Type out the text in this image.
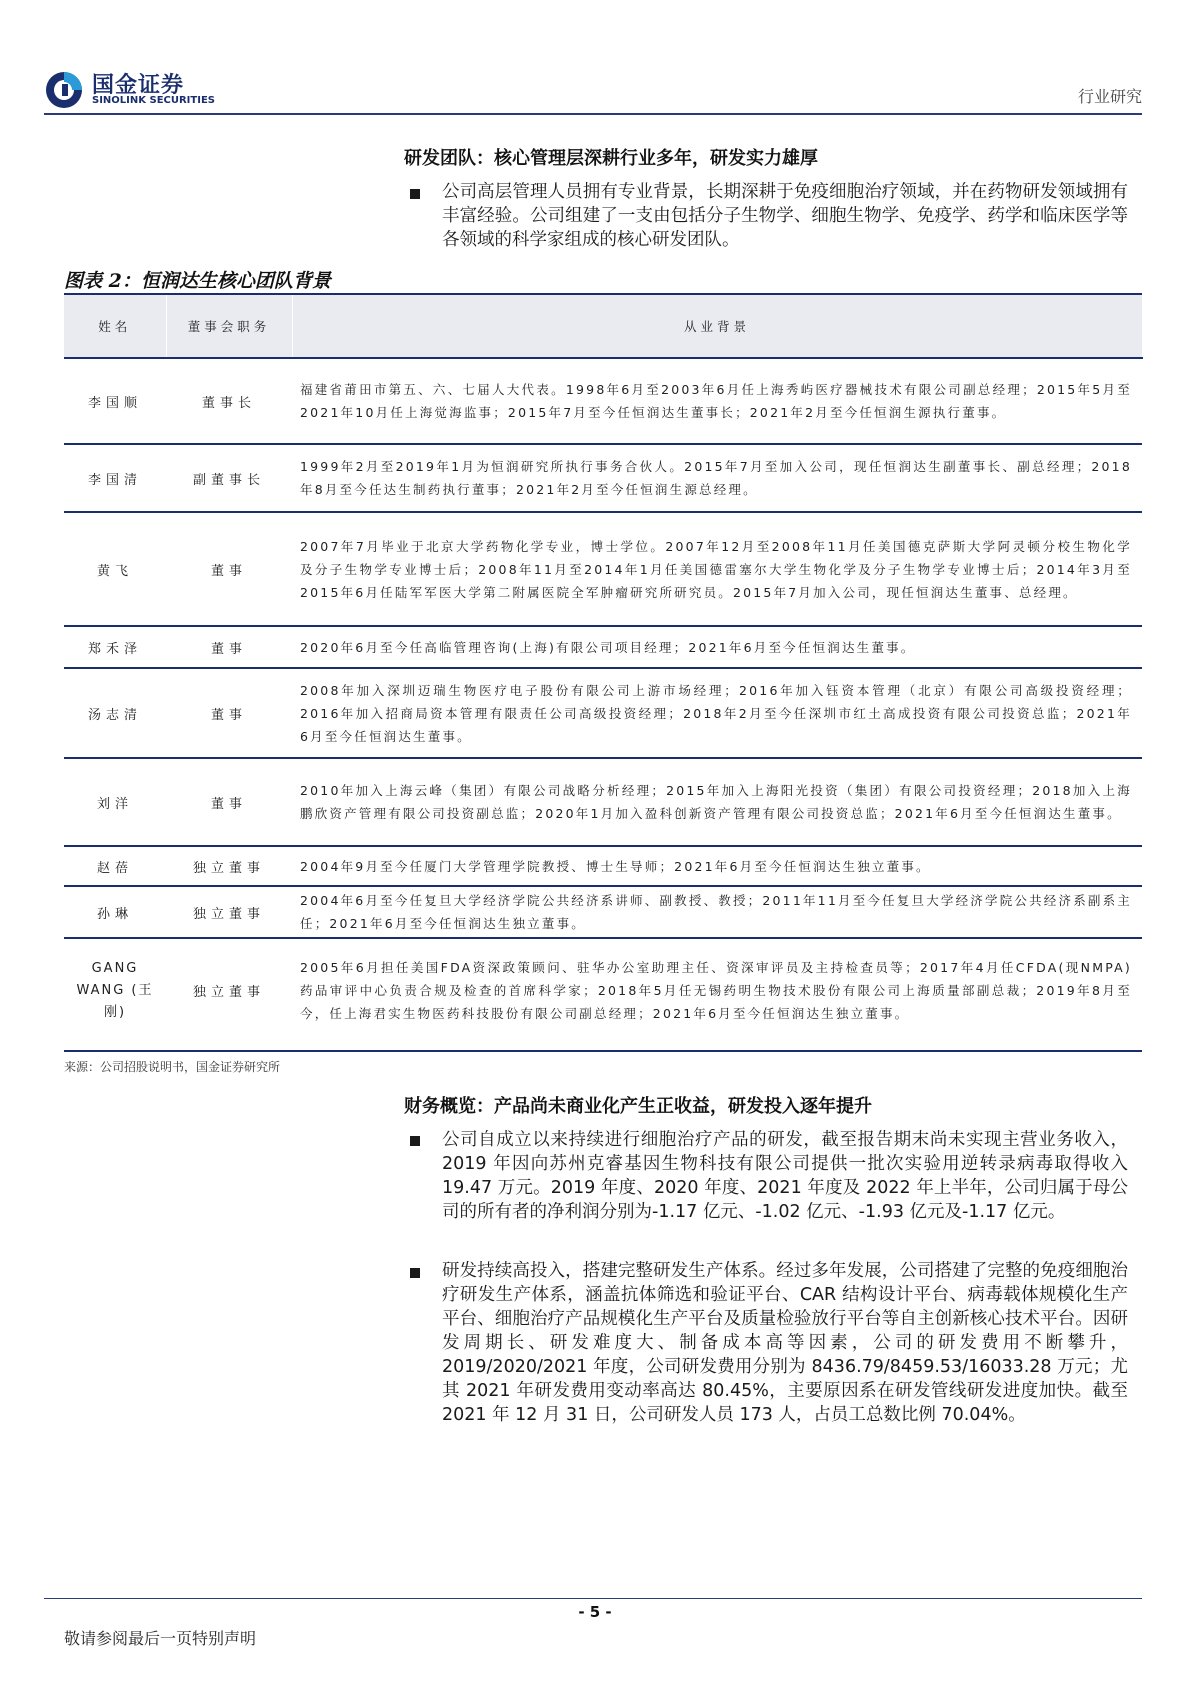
国金证券
SINOLINK SECURITIES	行业研究
研发团队：核心管理层深耕行业多年，研发实力雄厚
公司高层管理人员拥有专业背景，长期深耕于免疫细胞治疗领域，并在药物研发领域拥有丰富经验。公司组建了一支由包括分子生物学、细胞生物学、免疫学、药学和临床医学等各领域的科学家组成的核心研发团队。
图表 2：恒润达生核心团队背景
姓名	董事会职务	从业背景
李国顺	董事长	福建省莆田市第五、六、七届人大代表。1998年6月至2003年6月任上海秀屿医疗器械技术有限公司副总经理；2015年5月至2021年10月任上海觉海监事；2015年7月至今任恒润达生董事长；2021年2月至今任恒润生源执行董事。
李国清	副董事长	1999年2月至2019年1月为恒润研究所执行事务合伙人。2015年7月至加入公司，现任恒润达生副董事长、副总经理；2018年8月至今任达生制药执行董事；2021年2月至今任恒润生源总经理。
黄飞	董事	2007年7月毕业于北京大学药物化学专业，博士学位。2007年12月至2008年11月任美国德克萨斯大学阿灵顿分校生物化学及分子生物学专业博士后；2008年11月至2014年1月任美国德雷塞尔大学生物化学及分子生物学专业博士后；2014年3月至2015年6月任陆军军医大学第二附属医院全军肿瘤研究所研究员。2015年7月加入公司，现任恒润达生董事、总经理。
郑禾泽	董事	2020年6月至今任高临管理咨询(上海)有限公司项目经理；2021年6月至今任恒润达生董事。
汤志清	董事	2008年加入深圳迈瑞生物医疗电子股份有限公司上游市场经理；2016年加入钰资本管理（北京）有限公司高级投资经理；2016年加入招商局资本管理有限责任公司高级投资经理；2018年2月至今任深圳市红土高成投资有限公司投资总监；2021年6月至今任恒润达生董事。
刘洋	董事	2010年加入上海云峰（集团）有限公司战略分析经理；2015年加入上海阳光投资（集团）有限公司投资经理；2018加入上海鹏欣资产管理有限公司投资副总监；2020年1月加入盈科创新资产管理有限公司投资总监；2021年6月至今任恒润达生董事。
赵蓓	独立董事	2004年9月至今任厦门大学管理学院教授、博士生导师；2021年6月至今任恒润达生独立董事。
孙琳	独立董事	2004年6月至今任复旦大学经济学院公共经济系讲师、副教授、教授；2011年11月至今任复旦大学经济学院公共经济系副系主任；2021年6月至今任恒润达生独立董事。
GANG WANG (王刚)	独立董事	2005年6月担任美国FDA资深政策顾问、驻华办公室助理主任、资深审评员及主持检查员等；2017年4月任CFDA(现NMPA)药品审评中心负责合规及检查的首席科学家；2018年5月任无锡药明生物技术股份有限公司上海质量部副总裁；2019年8月至今，任上海君实生物医药科技股份有限公司副总经理；2021年6月至今任恒润达生独立董事。
来源：公司招股说明书，国金证券研究所
财务概览：产品尚未商业化产生正收益，研发投入逐年提升
公司自成立以来持续进行细胞治疗产品的研发，截至报告期末尚未实现主营业务收入，2019 年因向苏州克睿基因生物科技有限公司提供一批次实验用逆转录病毒取得收入 19.47 万元。2019 年度、2020 年度、2021 年度及 2022 年上半年，公司归属于母公司的所有者的净利润分别为-1.17 亿元、-1.02 亿元、-1.93 亿元及-1.17 亿元。
研发持续高投入，搭建完整研发生产体系。经过多年发展，公司搭建了完整的免疫细胞治疗研发生产体系，涵盖抗体筛选和验证平台、CAR 结构设计平台、病毒载体规模化生产平台、细胞治疗产品规模化生产平台及质量检验放行平台等自主创新核心技术平台。因研发周期长、研发难度大、制备成本高等因素，公司的研发费用不断攀升，2019/2020/2021 年度，公司研发费用分别为 8436.79/8459.53/16033.28 万元；尤其 2021 年研发费用变动率高达 80.45%，主要原因系在研发管线研发进度加快。截至 2021 年 12 月 31 日，公司研发人员 173 人，占员工总数比例 70.04%。
- 5 -
敬请参阅最后一页特别声明
